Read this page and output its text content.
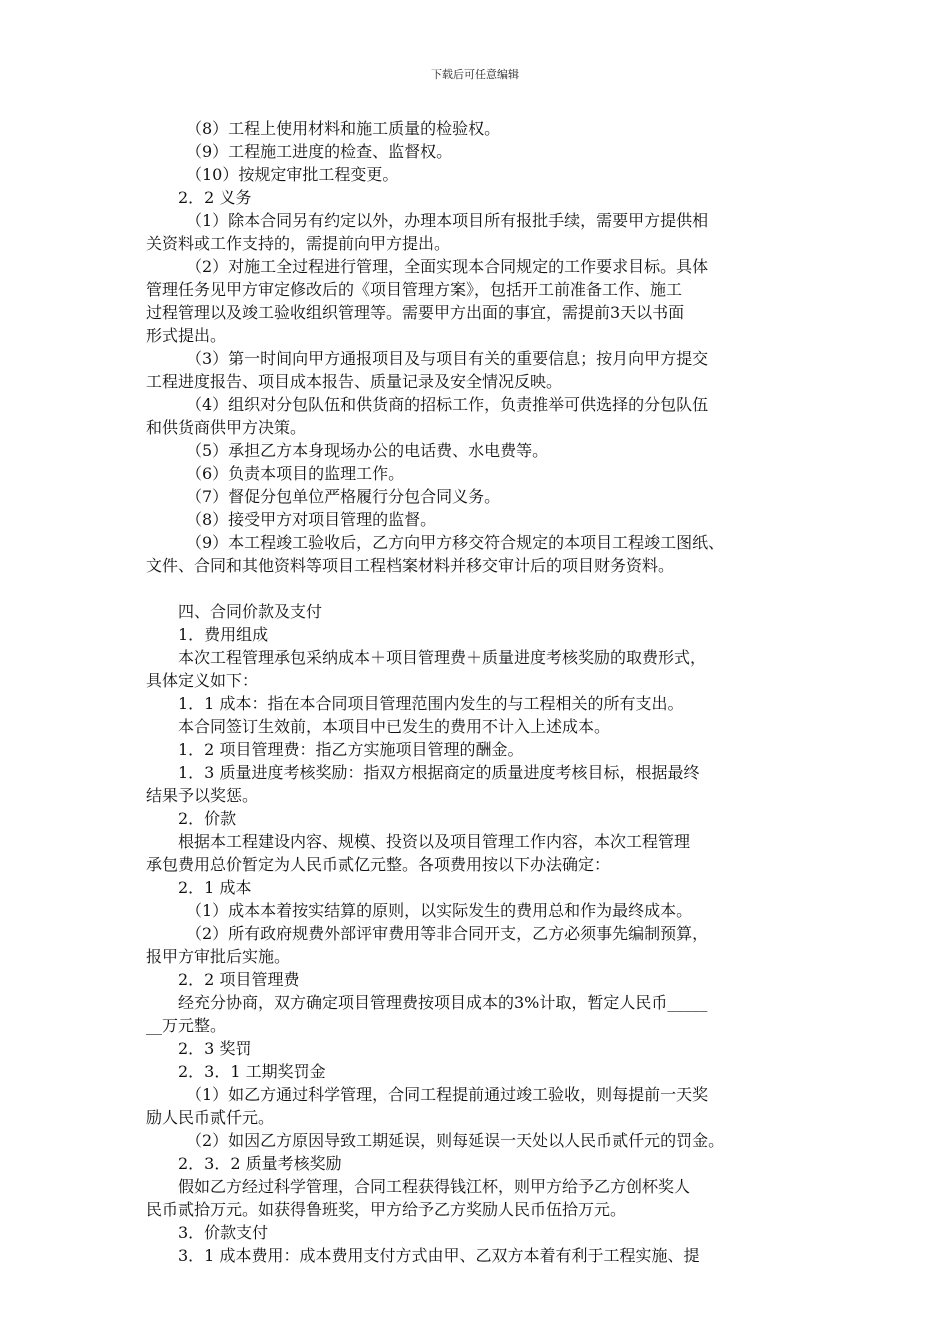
下载后可任意编辑
（8）工程上使用材料和施工质量的检验权。
（9）工程施工进度的检查、监督权。
（10）按规定审批工程变更。
2．2 义务
（1）除本合同另有约定以外，办理本项目所有报批手续，需要甲方提供相
关资料或工作支持的，需提前向甲方提出。
（2）对施工全过程进行管理，全面实现本合同规定的工作要求目标。具体
管理任务见甲方审定修改后的《项目管理方案》，包括开工前准备工作、施工
过程管理以及竣工验收组织管理等。需要甲方出面的事宜，需提前3天以书面
形式提出。
（3）第一时间向甲方通报项目及与项目有关的重要信息；按月向甲方提交
工程进度报告、项目成本报告、质量记录及安全情况反映。
（4）组织对分包队伍和供货商的招标工作，负责推举可供选择的分包队伍
和供货商供甲方决策。
（5）承担乙方本身现场办公的电话费、水电费等。
（6）负责本项目的监理工作。
（7）督促分包单位严格履行分包合同义务。
（8）接受甲方对项目管理的监督。
（9）本工程竣工验收后，乙方向甲方移交符合规定的本项目工程竣工图纸、
文件、合同和其他资料等项目工程档案材料并移交审计后的项目财务资料。
四、合同价款及支付
1．费用组成
本次工程管理承包采纳成本＋项目管理费＋质量进度考核奖励的取费形式，
具体定义如下：
1．1 成本：指在本合同项目管理范围内发生的与工程相关的所有支出。
本合同签订生效前，本项目中已发生的费用不计入上述成本。
1．2 项目管理费：指乙方实施项目管理的酬金。
1．3 质量进度考核奖励：指双方根据商定的质量进度考核目标，根据最终
结果予以奖惩。
2．价款
根据本工程建设内容、规模、投资以及项目管理工作内容，本次工程管理
承包费用总价暂定为人民币贰亿元整。各项费用按以下办法确定：
2．1 成本
（1）成本本着按实结算的原则，以实际发生的费用总和作为最终成本。
（2）所有政府规费外部评审费用等非合同开支，乙方必须事先编制预算，
报甲方审批后实施。
2．2 项目管理费
经充分协商，双方确定项目管理费按项目成本的3%计取，暂定人民币_____
__万元整。
2．3 奖罚
2．3．1 工期奖罚金
（1）如乙方通过科学管理，合同工程提前通过竣工验收，则每提前一天奖
励人民币贰仟元。
（2）如因乙方原因导致工期延误，则每延误一天处以人民币贰仟元的罚金。
2．3．2 质量考核奖励
假如乙方经过科学管理，合同工程获得钱江杯，则甲方给予乙方创杯奖人
民币贰拾万元。如获得鲁班奖，甲方给予乙方奖励人民币伍拾万元。
3．价款支付
3．1 成本费用：成本费用支付方式由甲、乙双方本着有利于工程实施、提
